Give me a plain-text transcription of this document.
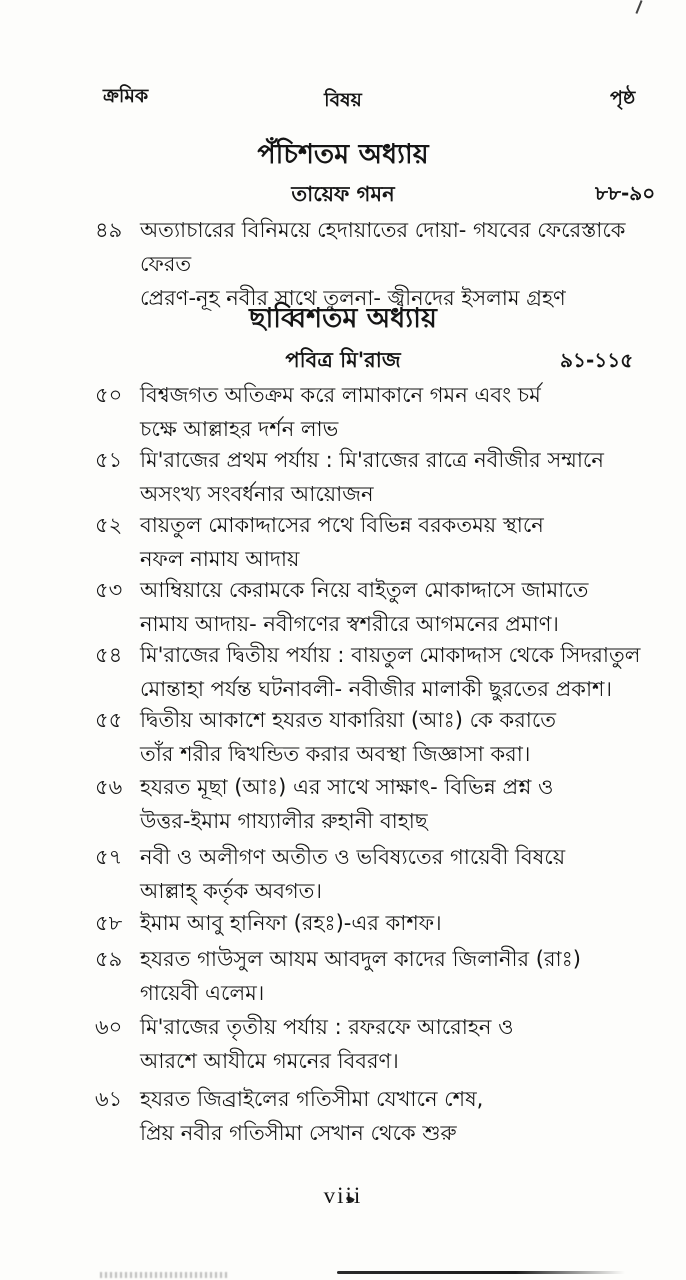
ক্রমিক	বিষয়	পৃষ্ঠ
পঁচিশতম অধ্যায়
তায়েফ গমন	৮৮-৯০
৪৯ অত্যাচারের বিনিময়ে হেদায়াতের দোয়া- গযবের ফেরেস্তাকে ফেরত
প্রেরণ-নূহ নবীর সাথে তুলনা- জ্বীনদের ইসলাম গ্রহণ
ছাব্বিশতম অধ্যায়
পবিত্র মি'রাজ	৯১-১১৫
৫০ বিশ্বজগত অতিক্রম করে লামাকানে গমন এবং চর্ম
চক্ষে আল্লাহর দর্শন লাভ
৫১ মি'রাজের প্রথম পর্যায় : মি'রাজের রাত্রে নবীজীর সম্মানে
অসংখ্য সংবর্ধনার আয়োজন
৫২ বায়তুল মোকাদ্দাসের পথে বিভিন্ন বরকতময় স্থানে
নফল নামায আদায়
৫৩ আম্বিয়ায়ে কেরামকে নিয়ে বাইতুল মোকাদ্দাসে জামাতে
নামায আদায়- নবীগণের স্বশরীরে আগমনের প্রমাণ।
৫৪ মি'রাজের দ্বিতীয় পর্যায় : বায়তুল মোকাদ্দাস থেকে সিদরাতুল
মোন্তাহা পর্যন্ত ঘটনাবলী- নবীজীর মালাকী ছুরতের প্রকাশ।
৫৫ দ্বিতীয় আকাশে হযরত যাকারিয়া (আঃ) কে করাতে
তাঁর শরীর দ্বিখন্ডিত করার অবস্থা জিজ্ঞাসা করা।
৫৬ হযরত মূছা (আঃ) এর সাথে সাক্ষাৎ- বিভিন্ন প্রশ্ন ও
উত্তর-ইমাম গায্যালীর রুহানী বাহাছ
৫৭ নবী ও অলীগণ অতীত ও ভবিষ্যতের গায়েবী বিষয়ে
আল্লাহ্ কর্তৃক অবগত।
৫৮ ইমাম আবু হানিফা (রহঃ)-এর কাশফ।
৫৯ হযরত গাউসুল আযম আবদুল কাদের জিলানীর (রাঃ)
গায়েবী এলেম।
৬০ মি'রাজের তৃতীয় পর্যায় : রফরফে আরোহন ও
আরশে আযীমে গমনের বিবরণ।
৬১ হযরত জিব্রাইলের গতিসীমা যেখানে শেষ,
প্রিয় নবীর গতিসীমা সেখান থেকে শুরু
viii
